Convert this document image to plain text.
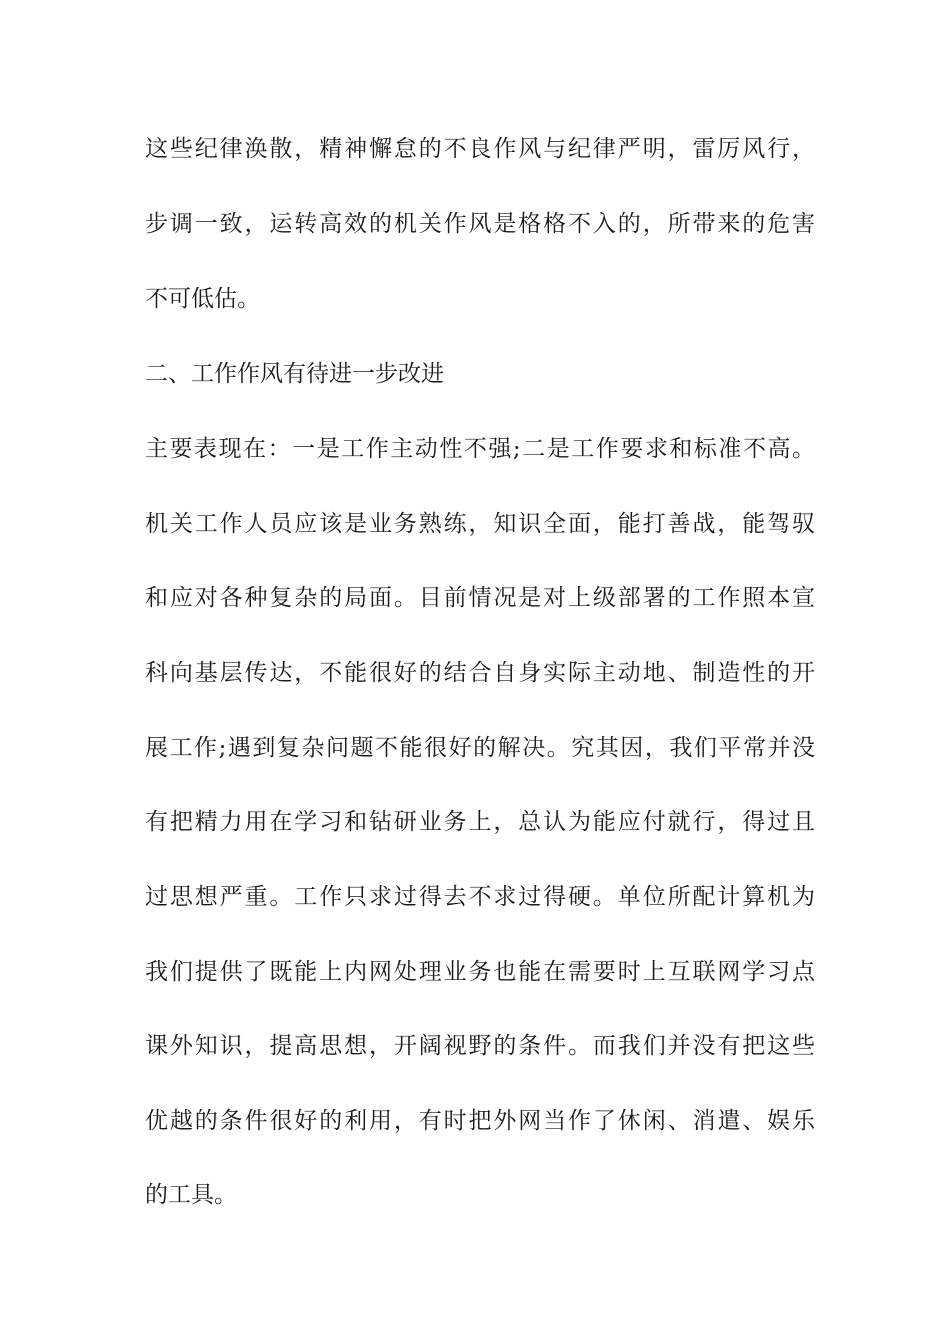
这些纪律涣散，精神懈怠的不良作风与纪律严明，雷厉风行，
步调一致，运转高效的机关作风是格格不入的，所带来的危害
不可低估。
二、工作作风有待进一步改进
主要表现在：一是工作主动性不强;二是工作要求和标准不高。
机关工作人员应该是业务熟练，知识全面，能打善战，能驾驭
和应对各种复杂的局面。目前情况是对上级部署的工作照本宣
科向基层传达，不能很好的结合自身实际主动地、制造性的开
展工作;遇到复杂问题不能很好的解决。究其因，我们平常并没
有把精力用在学习和钻研业务上，总认为能应付就行，得过且
过思想严重。工作只求过得去不求过得硬。单位所配计算机为
我们提供了既能上内网处理业务也能在需要时上互联网学习点
课外知识，提高思想，开阔视野的条件。而我们并没有把这些
优越的条件很好的利用，有时把外网当作了休闲、消遣、娱乐
的工具。
